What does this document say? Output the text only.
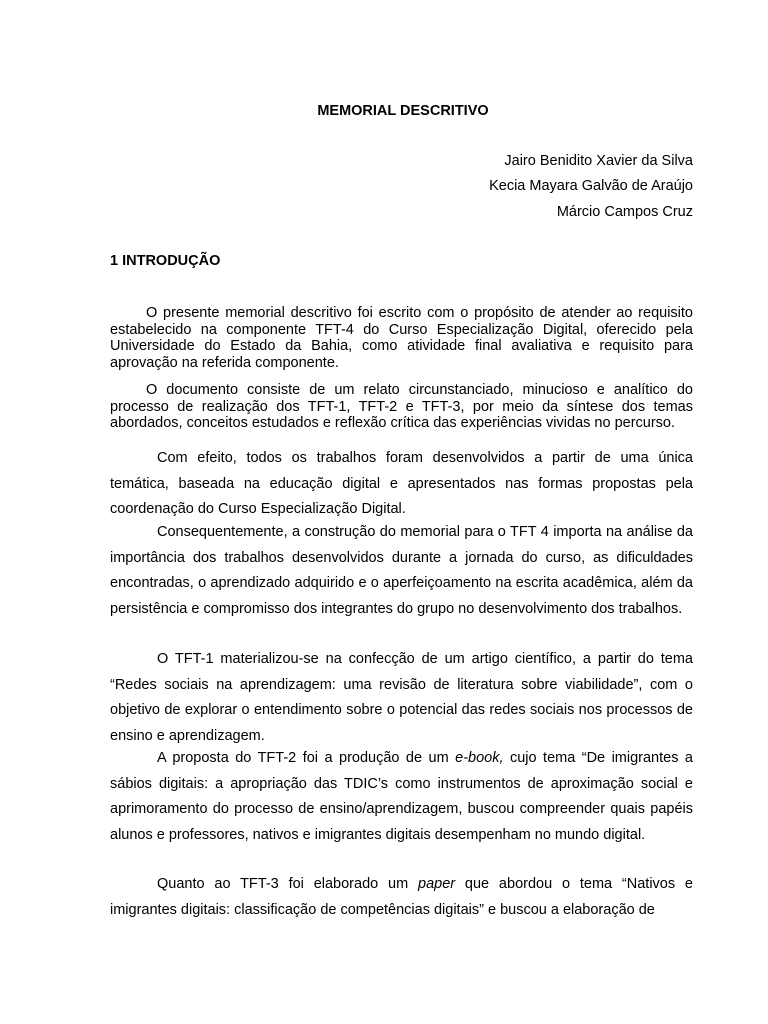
MEMORIAL DESCRITIVO
Jairo Benidito Xavier da Silva
Kecia Mayara Galvão de Araújo
Márcio Campos Cruz
1 INTRODUÇÃO
O presente memorial descritivo foi escrito com o propósito de atender ao requisito estabelecido na componente TFT-4 do Curso Especialização Digital, oferecido pela Universidade do Estado da Bahia, como atividade final avaliativa e requisito para aprovação na referida componente.
O documento consiste de um relato circunstanciado, minucioso e analítico do processo de realização dos TFT-1, TFT-2 e TFT-3, por meio da síntese dos temas abordados, conceitos estudados e reflexão crítica das experiências vividas no percurso.
Com efeito, todos os trabalhos foram desenvolvidos a partir de uma única temática, baseada na educação digital e apresentados nas formas propostas pela coordenação do Curso Especialização Digital.
Consequentemente, a construção do memorial para o TFT 4 importa na análise da importância dos trabalhos desenvolvidos durante a jornada do curso, as dificuldades encontradas, o aprendizado adquirido e o aperfeiçoamento na escrita acadêmica, além da persistência e compromisso dos integrantes do grupo no desenvolvimento dos trabalhos.
O TFT-1 materializou-se na confecção de um artigo científico, a partir do tema “Redes sociais na aprendizagem: uma revisão de literatura sobre viabilidade”, com o objetivo de explorar o entendimento sobre o potencial das redes sociais nos processos de ensino e aprendizagem.
A proposta do TFT-2 foi a produção de um e-book, cujo tema “De imigrantes a sábios digitais: a apropriação das TDIC’s como instrumentos de aproximação social e aprimoramento do processo de ensino/aprendizagem, buscou compreender quais papéis alunos e professores, nativos e imigrantes digitais desempenham no mundo digital.
Quanto ao TFT-3 foi elaborado um paper que abordou o tema “Nativos e imigrantes digitais: classificação de competências digitais” e buscou a elaboração de
